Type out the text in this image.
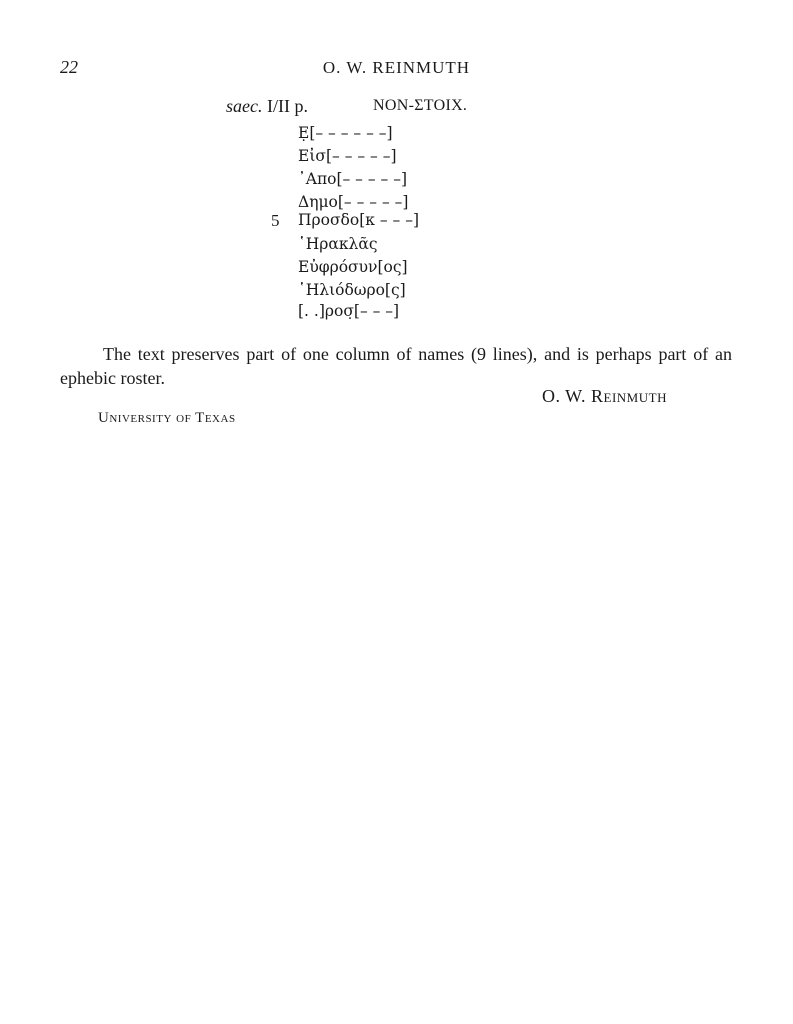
22	O. W. REINMUTH
saec. I/II p.	NON-ΣΤΟΙΧ.
Ẹ[– – – – – –]
Εἰσ[– – – – –]
᾿Απο[– – – – –]
Δημο[– – – – –]
5 Προσδο[κ – – –]
῾Ηρακλᾶς
Εὐφρόσυν[ος]
῾Ηλιόδωρο[ς]
[. .]ροσ̣[– – –]

The text preserves part of one column of names (9 lines), and is perhaps part of an ephebic roster.

O. W. Reinmuth
University of Texas
